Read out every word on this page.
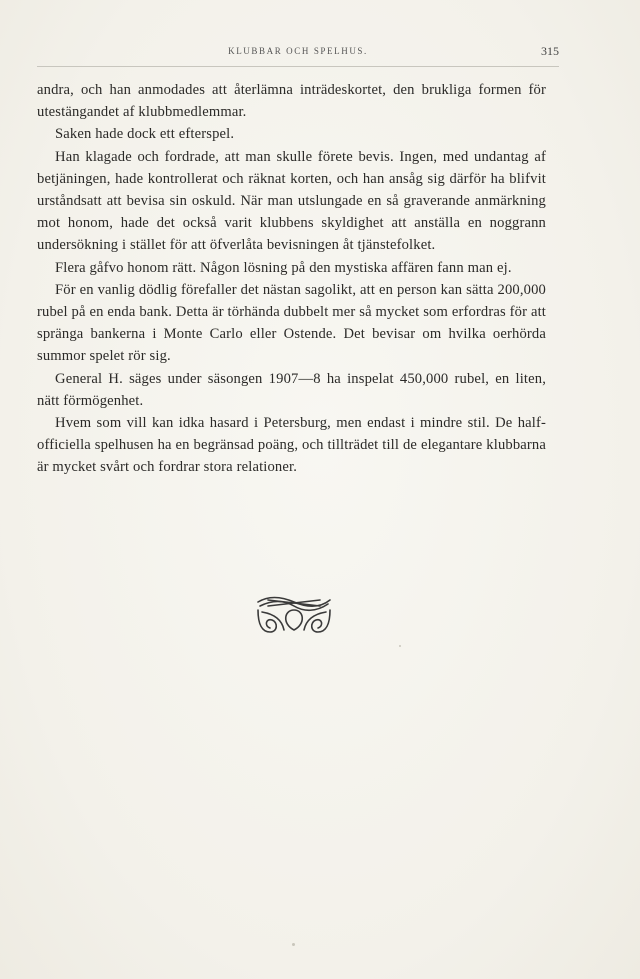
KLUBBAR OCH SPELHUS.	315

andra, och han anmodades att återlämna inträdeskortet, den brukliga formen för utestängandet af klubbmedlemmar.

Saken hade dock ett efterspel.

Han klagade och fordrade, att man skulle förete bevis. Ingen, med undantag af betjäningen, hade kontrollerat och räknat korten, och han ansåg sig därför ha blifvit urståndsatt att bevisa sin oskuld. När man utslungade en så graverande anmärkning mot honom, hade det också varit klubbens skyldighet att anställa en noggrann undersökning i stället för att öfverlåta bevisningen åt tjänstefolket.

Flera gåfvo honom rätt. Någon lösning på den mystiska affären fann man ej.

För en vanlig dödlig förefaller det nästan sagolikt, att en person kan sätta 200,000 rubel på en enda bank. Detta är törhända dubbelt mer så mycket som erfordras för att spränga bankerna i Monte Carlo eller Ostende. Det bevisar om hvilka oerhörda summor spelet rör sig.

General H. säges under säsongen 1907—8 ha inspelat 450,000 rubel, en liten, nätt förmögenhet.

Hvem som vill kan idka hasard i Petersburg, men endast i mindre stil. De half-officiella spelhusen ha en begränsad poäng, och tillträdet till de elegantare klubbarna är mycket svårt och fordrar stora relationer.
